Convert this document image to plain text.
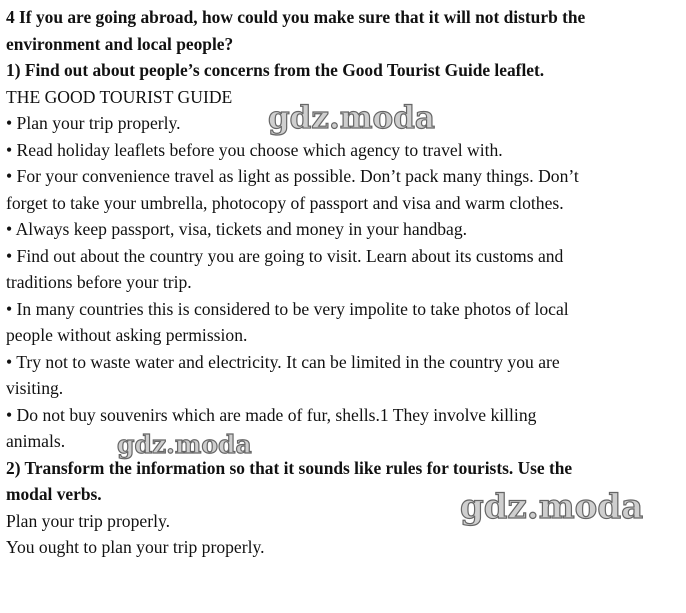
4 If you are going abroad, how could you make sure that it will not disturb the
environment and local people?
1) Find out about people’s concerns from the Good Tourist Guide leaflet.
THE GOOD TOURIST GUIDE
• Plan your trip properly.
• Read holiday leaflets before you choose which agency to travel with.
• For your convenience travel as light as possible. Don’t pack many things. Don’t
forget to take your umbrella, photocopy of passport and visa and warm clothes.
• Always keep passport, visa, tickets and money in your handbag.
• Find out about the country you are going to visit. Learn about its customs and
traditions before your trip.
• In many countries this is considered to be very impolite to take photos of local
people without asking permission.
• Try not to waste water and electricity. It can be limited in the country you are
visiting.
• Do not buy souvenirs which are made of fur, shells.1 They involve killing
animals.
2) Transform the information so that it sounds like rules for tourists. Use the
modal verbs.
Plan your trip properly.
You ought to plan your trip properly.
gdz.moda
gdz.moda
gdz.moda
